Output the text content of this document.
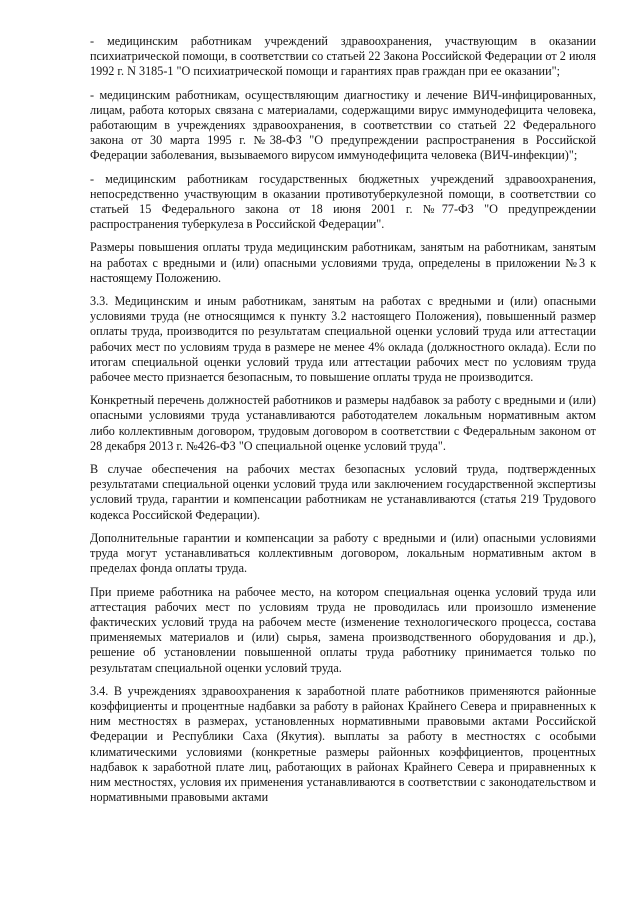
- медицинским работникам учреждений здравоохранения, участвующим в оказании психиатрической помощи, в соответствии со статьей 22 Закона Российской Федерации от 2 июля 1992 г. N 3185-1 "О психиатрической помощи и гарантиях прав граждан при ее оказании";

- медицинским работникам, осуществляющим диагностику и лечение ВИЧ-инфицированных, лицам, работа которых связана с материалами, содержащими вирус иммунодефицита человека, работающим в учреждениях здравоохранения, в соответствии со статьей 22 Федерального закона от 30 марта 1995 г. №38-ФЗ "О предупреждении распространения в Российской Федерации заболевания, вызываемого вирусом иммунодефицита человека (ВИЧ-инфекции)";

- медицинским работникам государственных бюджетных учреждений здравоохранения, непосредственно участвующим в оказании противотуберкулезной помощи, в соответствии со статьей 15 Федерального закона от 18 июня 2001 г. №77-ФЗ "О предупреждении распространения туберкулеза в Российской Федерации".

Размеры повышения оплаты труда медицинским работникам, занятым на работникам, занятым на работах с вредными и (или) опасными условиями труда, определены в приложении №3 к настоящему Положению.

3.3. Медицинским и иным работникам, занятым на работах с вредными и (или) опасными условиями труда (не относящимся к пункту 3.2 настоящего Положения), повышенный размер оплаты труда, производится по результатам специальной оценки условий труда или аттестации рабочих мест по условиям труда в размере не менее 4% оклада (должностного оклада). Если по итогам специальной оценки условий труда или аттестации рабочих мест по условиям труда рабочее место признается безопасным, то повышение оплаты труда не производится.

Конкретный перечень должностей работников и размеры надбавок за работу с вредными и (или) опасными условиями труда устанавливаются работодателем локальным нормативным актом либо коллективным договором, трудовым договором в соответствии с Федеральным законом от 28 декабря 2013 г. №426-ФЗ "О специальной оценке условий труда".

В случае обеспечения на рабочих местах безопасных условий труда, подтвержденных результатами специальной оценки условий труда или заключением государственной экспертизы условий труда, гарантии и компенсации работникам не устанавливаются (статья 219 Трудового кодекса Российской Федерации).

Дополнительные гарантии и компенсации за работу с вредными и (или) опасными условиями труда могут устанавливаться коллективным договором, локальным нормативным актом в пределах фонда оплаты труда.

При приеме работника на рабочее место, на котором специальная оценка условий труда или аттестация рабочих мест по условиям труда не проводилась или произошло изменение фактических условий труда на рабочем месте (изменение технологического процесса, состава применяемых материалов и (или) сырья, замена производственного оборудования и др.), решение об установлении повышенной оплаты труда работнику принимается только по результатам специальной оценки условий труда.

3.4. В учреждениях здравоохранения к заработной плате работников применяются районные коэффициенты и процентные надбавки за работу в районах Крайнего Севера и приравненных к ним местностях в размерах, установленных нормативными правовыми актами Российской Федерации и Республики Саха (Якутия). выплаты за работу в местностях с особыми климатическими условиями (конкретные размеры районных коэффициентов, процентных надбавок к заработной плате лиц, работающих в районах Крайнего Севера и приравненных к ним местностях, условия их применения устанавливаются в соответствии с законодательством и нормативными правовыми актами
